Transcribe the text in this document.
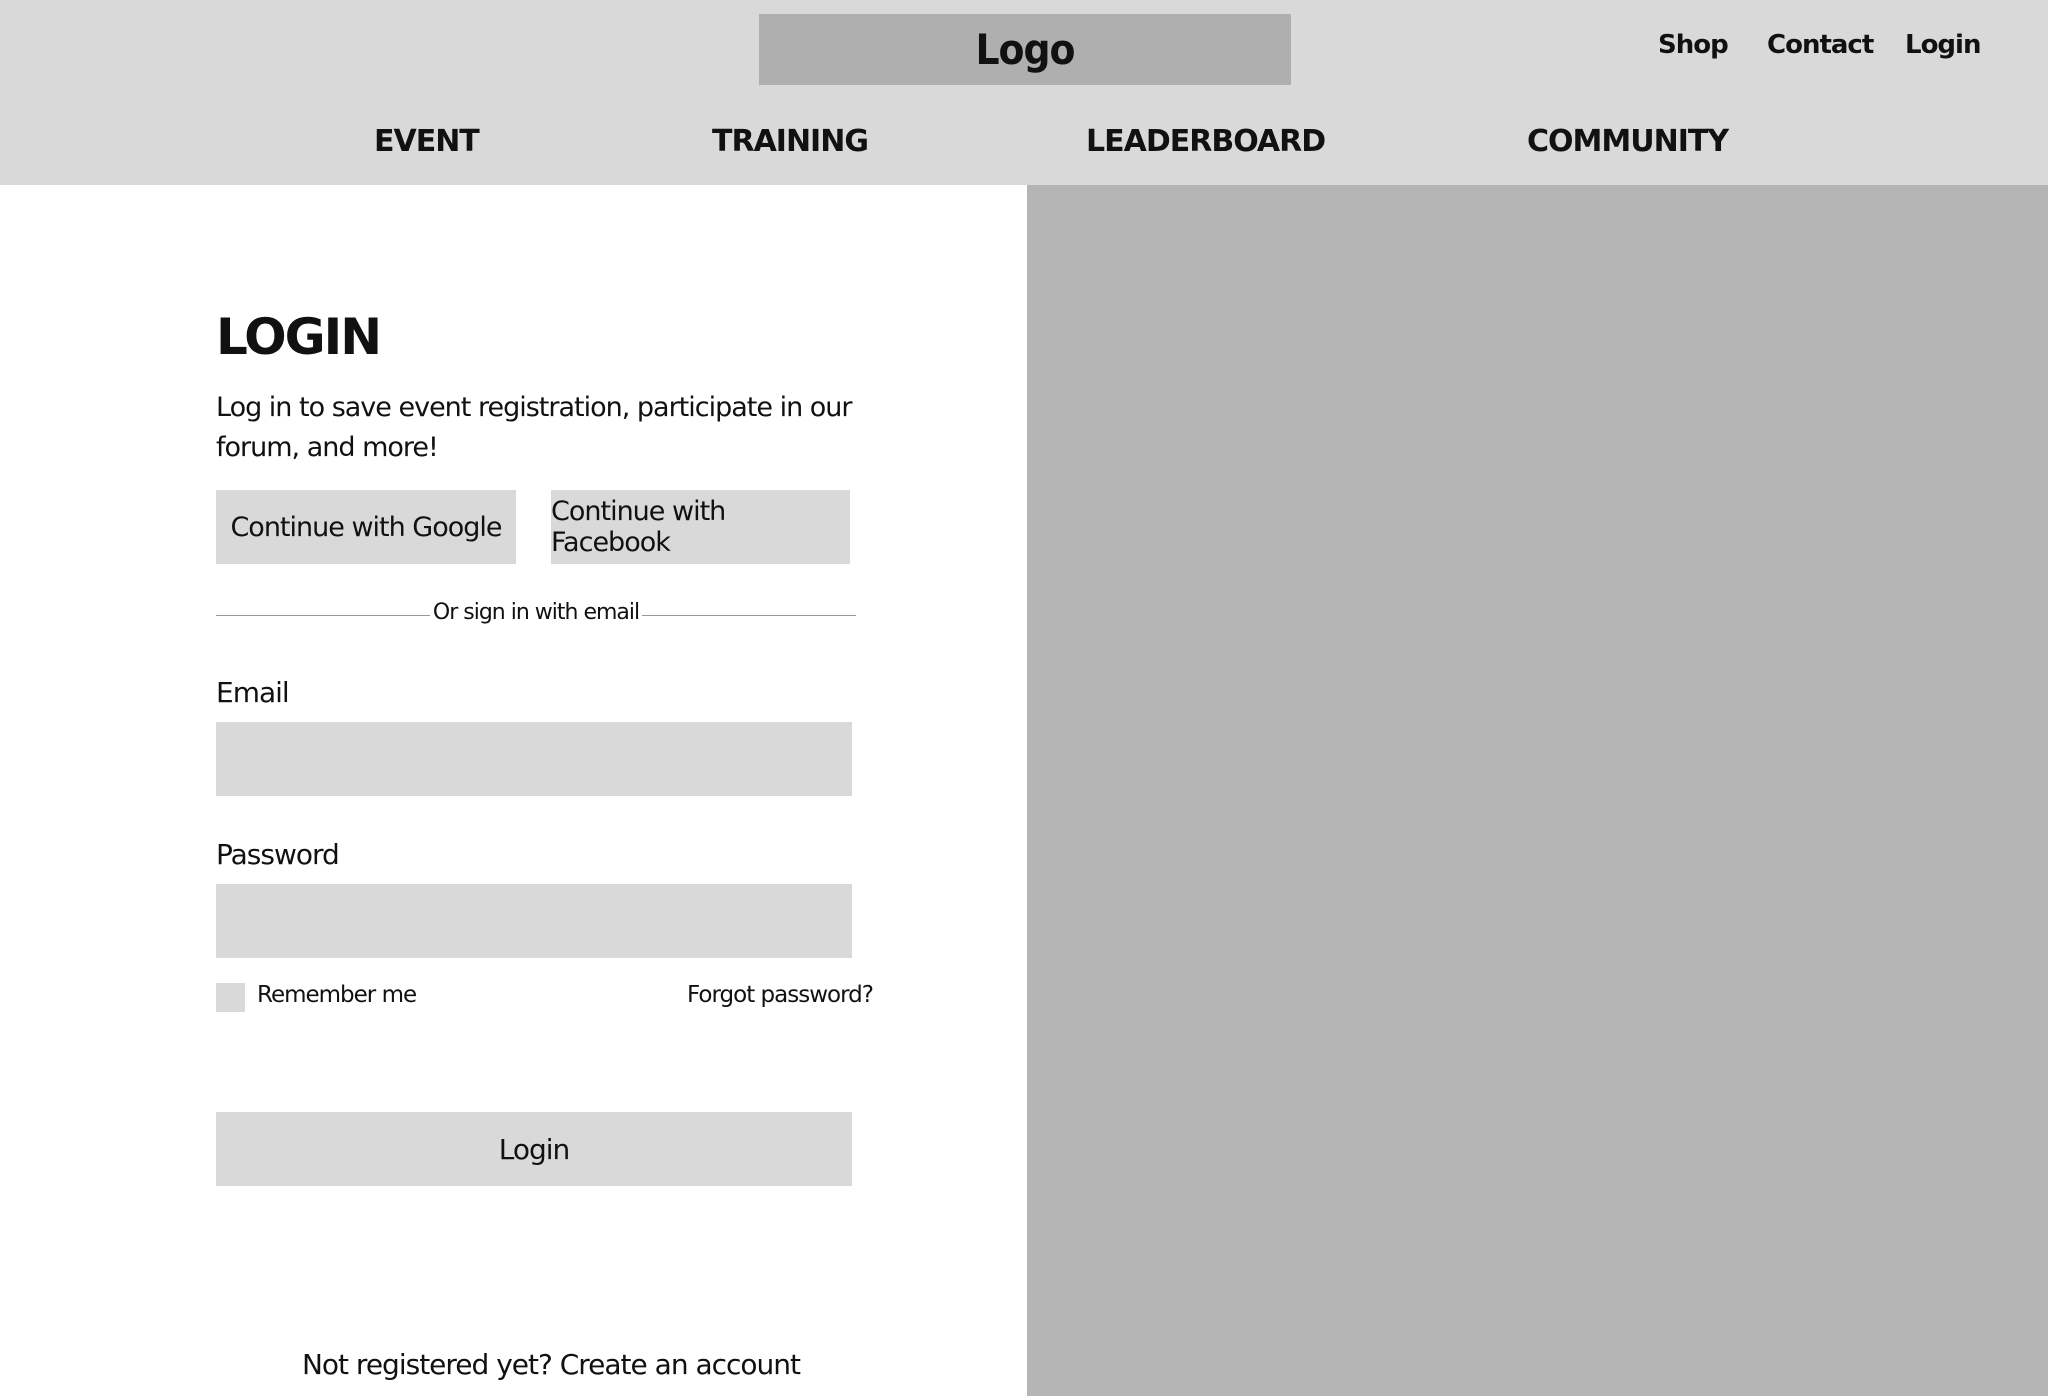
Logo	Shop Contact Login
EVENT	TRAINING	LEADERBOARD	COMMUNITY
LOGIN
Log in to save event registration, participate in our forum, and more!
Continue with Google Continue with Facebook
Or sign in with email
Email
Password
Remember me	Forgot password?
Login
Not registered yet? Create an account
